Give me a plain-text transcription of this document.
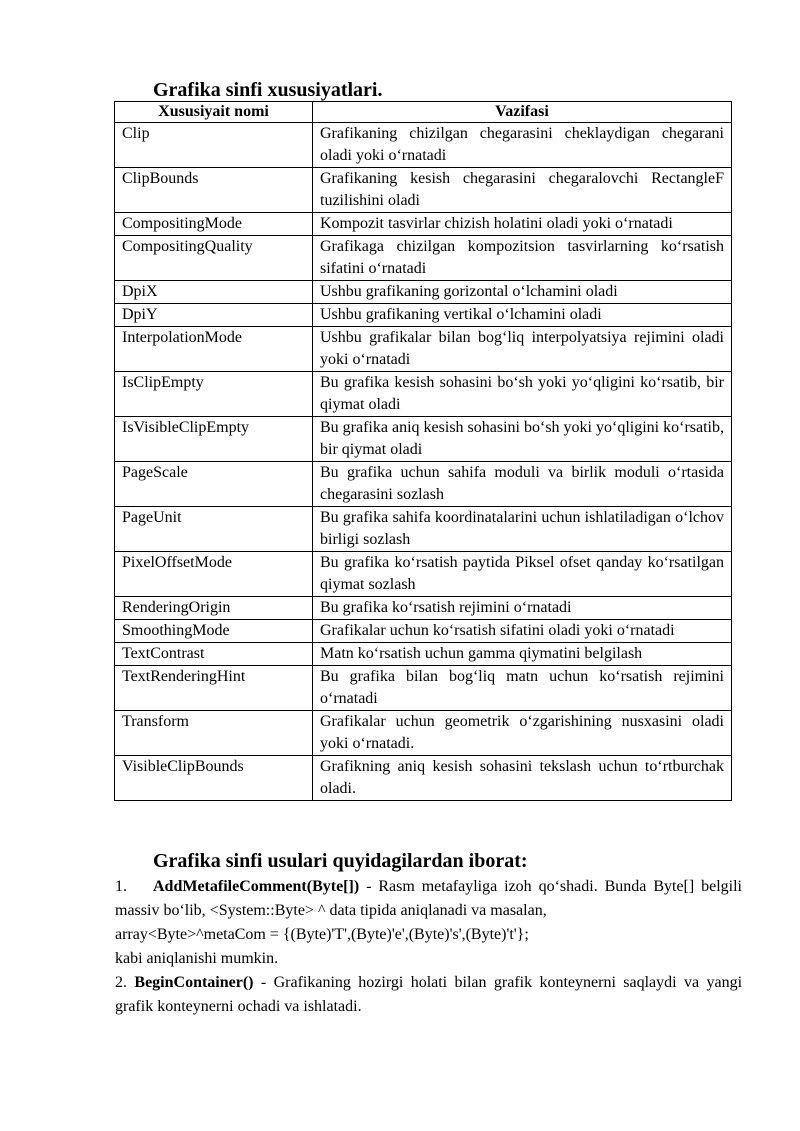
Grafika sinfi xususiyatlari.
Xususiyait nomi	Vazifasi
Clip	Grafikaning chizilgan chegarasini cheklaydigan chegarani oladi yoki oʻrnatadi
ClipBounds	Grafikaning kesish chegarasini chegaralovchi RectangleF tuzilishini oladi
CompositingMode	Kompozit tasvirlar chizish holatini oladi yoki oʻrnatadi
CompositingQuality	Grafikaga chizilgan kompozitsion tasvirlarning koʻrsatish sifatini oʻrnatadi
DpiX	Ushbu grafikaning gorizontal oʻlchamini oladi
DpiY	Ushbu grafikaning vertikal oʻlchamini oladi
InterpolationMode	Ushbu grafikalar bilan bogʻliq interpolyatsiya rejimini oladi yoki oʻrnatadi
IsClipEmpty	Bu grafika kesish sohasini boʻsh yoki yoʻqligini koʻrsatib, bir qiymat oladi
IsVisibleClipEmpty	Bu grafika aniq kesish sohasini boʻsh yoki yoʻqligini koʻrsatib, bir qiymat oladi
PageScale	Bu grafika uchun sahifa moduli va birlik moduli oʻrtasida chegarasini sozlash
PageUnit	Bu grafika sahifa koordinatalarini uchun ishlatiladigan oʻlchov birligi sozlash
PixelOffsetMode	Bu grafika koʻrsatish paytida Piksel ofset qanday koʻrsatilgan qiymat sozlash
RenderingOrigin	Bu grafika koʻrsatish rejimini oʻrnatadi
SmoothingMode	Grafikalar uchun koʻrsatish sifatini oladi yoki oʻrnatadi
TextContrast	Matn koʻrsatish uchun gamma qiymatini belgilash
TextRenderingHint	Bu grafika bilan bogʻliq matn uchun koʻrsatish rejimini oʻrnatadi
Transform	Grafikalar uchun geometrik oʻzgarishining nusxasini oladi yoki oʻrnatadi.
VisibleClipBounds	Grafikning aniq kesish sohasini tekslash uchun toʻrtburchak oladi.
Grafika sinfi usulari quyidagilardan iborat:
1. AddMetafileComment(Byte[]) - Rasm metafayliga izoh qoʻshadi. Bunda Byte[] belgili massiv boʻlib, <System::Byte> ^ data tipida aniqlanadi va masalan,
array<Byte>^metaCom = {(Byte)'T',(Byte)'e',(Byte)'s',(Byte)'t'};
kabi aniqlanishi mumkin.
2. BeginContainer() - Grafikaning hozirgi holati bilan grafik konteynerni saqlaydi va yangi grafik konteynerni ochadi va ishlatadi.
